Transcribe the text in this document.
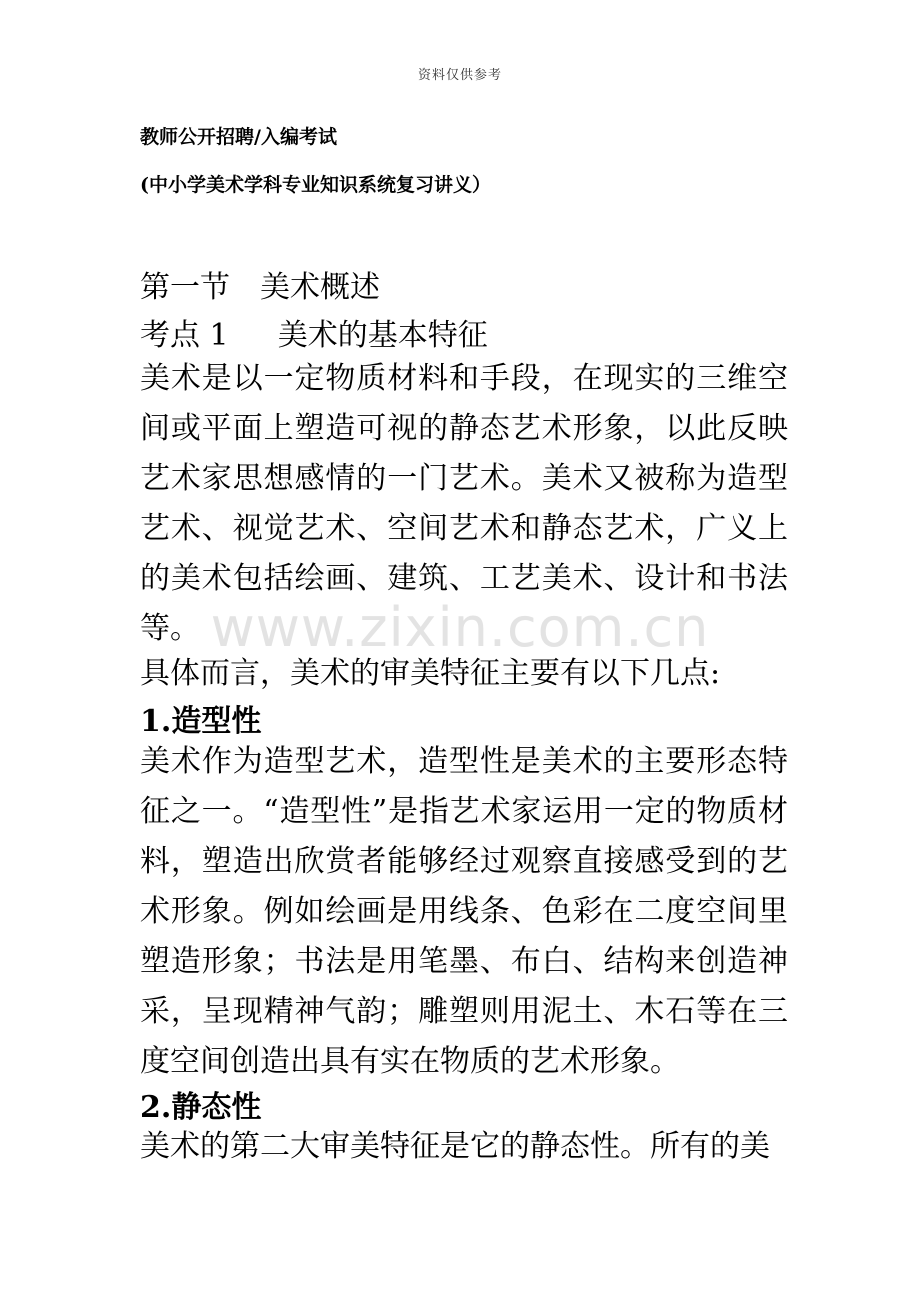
资料仅供参考
www.zixin.com.cn
教师公开招聘/入编考试
(中小学美术学科专业知识系统复习讲义）
第一节　美术概述
考点 1　  美术的基本特征

美术是以一定物质材料和手段，在现实的三维空间或平面上塑造可视的静态艺术形象，以此反映艺术家思想感情的一门艺术。美术又被称为造型艺术、视觉艺术、空间艺术和静态艺术，广义上的美术包括绘画、建筑、工艺美术、设计和书法等。

具体而言，美术的审美特征主要有以下几点:

1.造型性

美术作为造型艺术，造型性是美术的主要形态特征之一。“造型性”是指艺术家运用一定的物质材料，塑造出欣赏者能够经过观察直接感受到的艺术形象。例如绘画是用线条、色彩在二度空间里塑造形象；书法是用笔墨、布白、结构来创造神采，呈现精神气韵；雕塑则用泥土、木石等在三度空间创造出具有实在物质的艺术形象。

2.静态性

美术的第二大审美特征是它的静态性。所有的美
